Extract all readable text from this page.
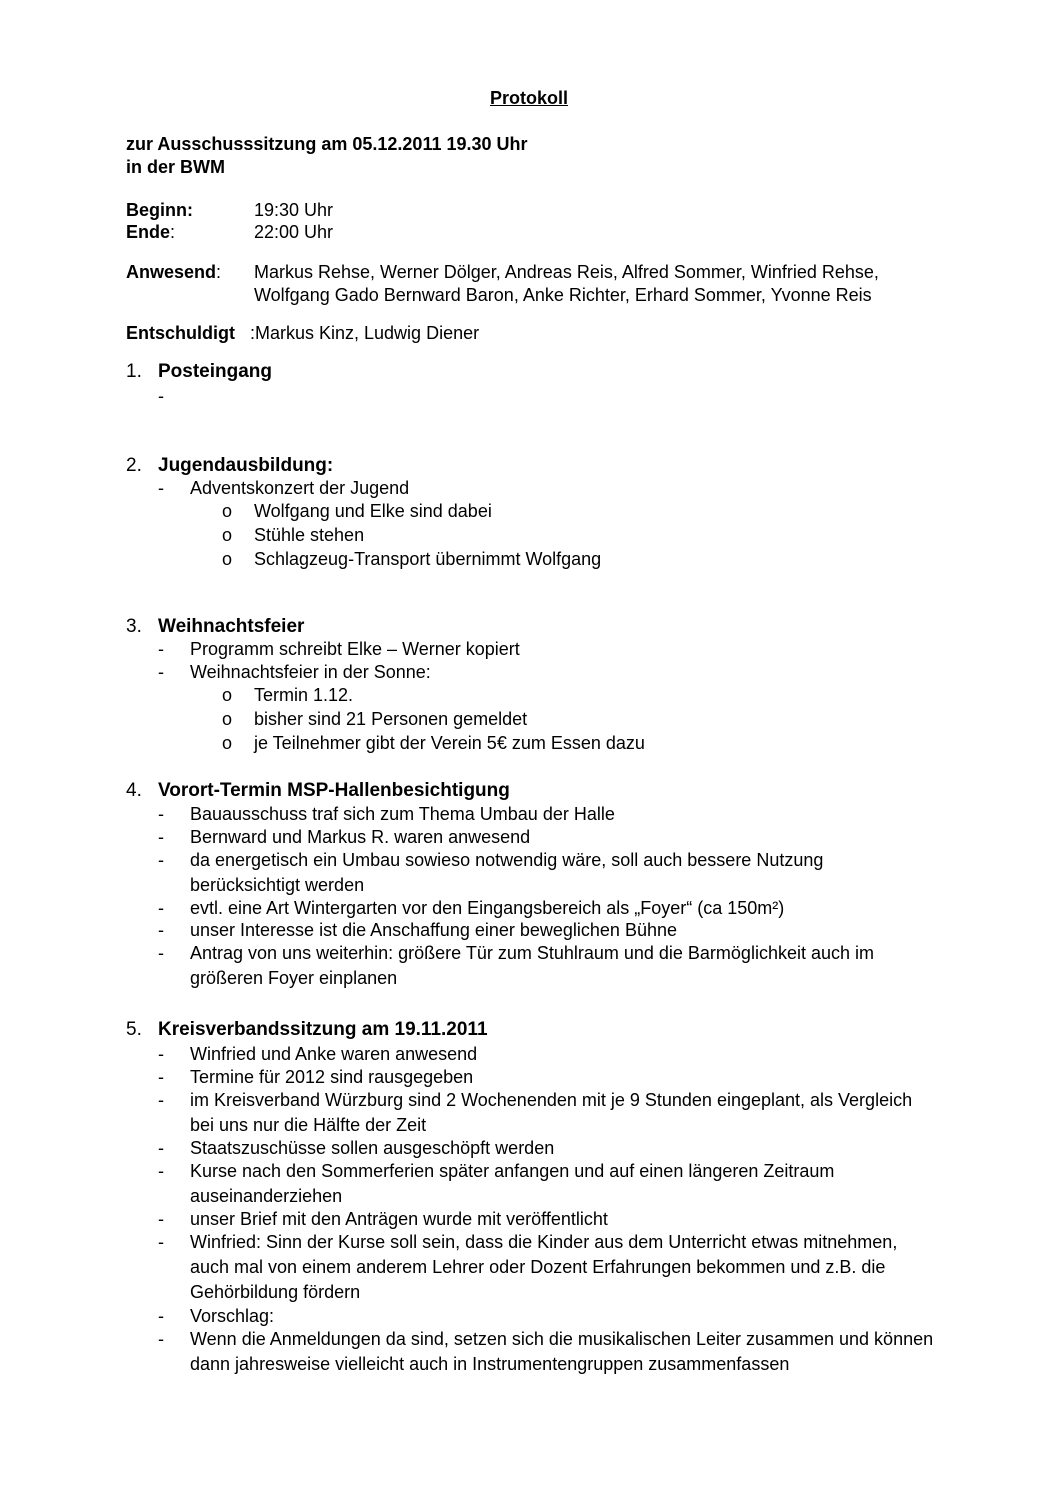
Protokoll
zur Ausschusssitzung am 05.12.2011 19.30 Uhr
in der BWM
Beginn:	19:30 Uhr
Ende:	22:00 Uhr
Anwesend: Markus Rehse, Werner Dölger, Andreas Reis, Alfred Sommer, Winfried Rehse,
Wolfgang Gado Bernward Baron, Anke Richter, Erhard Sommer, Yvonne Reis
Entschuldigt :Markus Kinz, Ludwig Diener
1. Posteingang
-
2. Jugendausbildung:
- Adventskonzert der Jugend
o Wolfgang und Elke sind dabei
o Stühle stehen
o Schlagzeug-Transport übernimmt Wolfgang
3. Weihnachtsfeier
- Programm schreibt Elke – Werner kopiert
- Weihnachtsfeier in der Sonne:
o Termin 1.12.
o bisher sind 21 Personen gemeldet
o je Teilnehmer gibt der Verein 5€ zum Essen dazu
4. Vorort-Termin MSP-Hallenbesichtigung
- Bauausschuss traf sich zum Thema Umbau der Halle
- Bernward und Markus R. waren anwesend
- da energetisch ein Umbau sowieso notwendig wäre, soll auch bessere Nutzung berücksichtigt werden
- evtl. eine Art Wintergarten vor den Eingangsbereich als „Foyer“ (ca 150m²)
- unser Interesse ist die Anschaffung einer beweglichen Bühne
- Antrag von uns weiterhin: größere Tür zum Stuhlraum und die Barmöglichkeit auch im größeren Foyer einplanen
5. Kreisverbandssitzung am 19.11.2011
- Winfried und Anke waren anwesend
- Termine für 2012 sind rausgegeben
- im Kreisverband Würzburg sind 2 Wochenenden mit je 9 Stunden eingeplant, als Vergleich bei uns nur die Hälfte der Zeit
- Staatszuschüsse sollen ausgeschöpft werden
- Kurse nach den Sommerferien später anfangen und auf einen längeren Zeitraum auseinanderziehen
- unser Brief mit den Anträgen wurde mit veröffentlicht
- Winfried: Sinn der Kurse soll sein, dass die Kinder aus dem Unterricht etwas mitnehmen, auch mal von einem anderem Lehrer oder Dozent Erfahrungen bekommen und z.B. die Gehörbildung fördern
- Vorschlag:
- Wenn die Anmeldungen da sind, setzen sich die musikalischen Leiter zusammen und können dann jahresweise vielleicht auch in Instrumentengruppen zusammenfassen
